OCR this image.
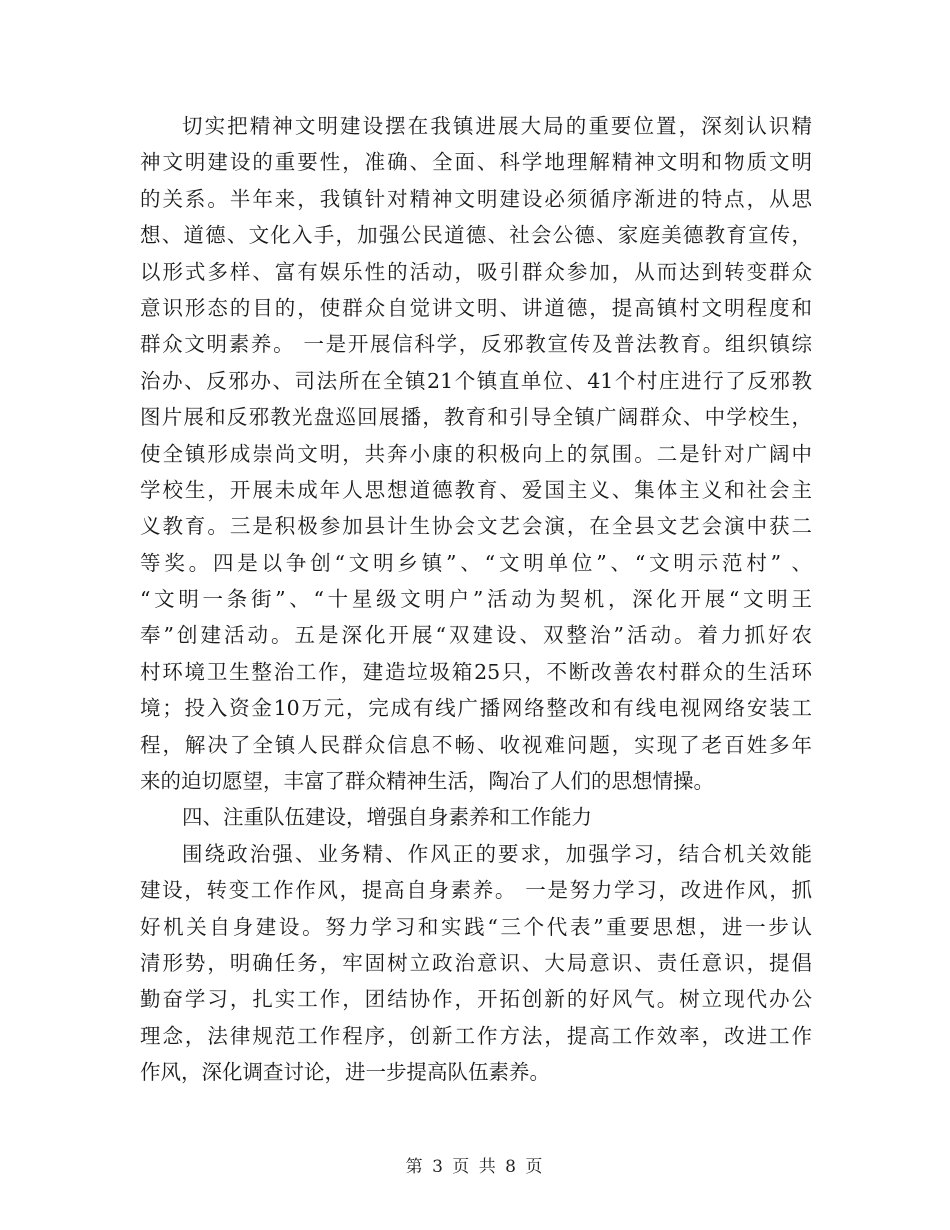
切实把精神文明建设摆在我镇进展大局的重要位置，深刻认识精
神文明建设的重要性，准确、全面、科学地理解精神文明和物质文明
的关系。半年来，我镇针对精神文明建设必须循序渐进的特点，从思
想、道德、文化入手，加强公民道德、社会公德、家庭美德教育宣传，
以形式多样、富有娱乐性的活动，吸引群众参加，从而达到转变群众
意识形态的目的，使群众自觉讲文明、讲道德，提高镇村文明程度和
群众文明素养。 一是开展信科学，反邪教宣传及普法教育。组织镇综
治办、反邪办、司法所在全镇21个镇直单位、41个村庄进行了反邪教
图片展和反邪教光盘巡回展播，教育和引导全镇广阔群众、中学校生，
使全镇形成崇尚文明，共奔小康的积极向上的氛围。二是针对广阔中
学校生，开展未成年人思想道德教育、爱国主义、集体主义和社会主
义教育。三是积极参加县计生协会文艺会演，在全县文艺会演中获二
等奖。四是以争创“文明乡镇”、“文明单位”、“文明示范村” 、
“文明一条街”、“十星级文明户”活动为契机，深化开展“文明王
奉”创建活动。五是深化开展“双建设、双整治”活动。着力抓好农
村环境卫生整治工作，建造垃圾箱25只，不断改善农村群众的生活环
境；投入资金10万元，完成有线广播网络整改和有线电视网络安装工
程，解决了全镇人民群众信息不畅、收视难问题，实现了老百姓多年
来的迫切愿望，丰富了群众精神生活，陶冶了人们的思想情操。
四、注重队伍建设，增强自身素养和工作能力
围绕政治强、业务精、作风正的要求，加强学习，结合机关效能
建设，转变工作作风，提高自身素养。 一是努力学习，改进作风，抓
好机关自身建设。努力学习和实践“三个代表”重要思想，进一步认
清形势，明确任务，牢固树立政治意识、大局意识、责任意识，提倡
勤奋学习，扎实工作，团结协作，开拓创新的好风气。树立现代办公
理念，法律规范工作程序，创新工作方法，提高工作效率，改进工作
作风，深化调查讨论，进一步提高队伍素养。
第 3 页 共 8 页
